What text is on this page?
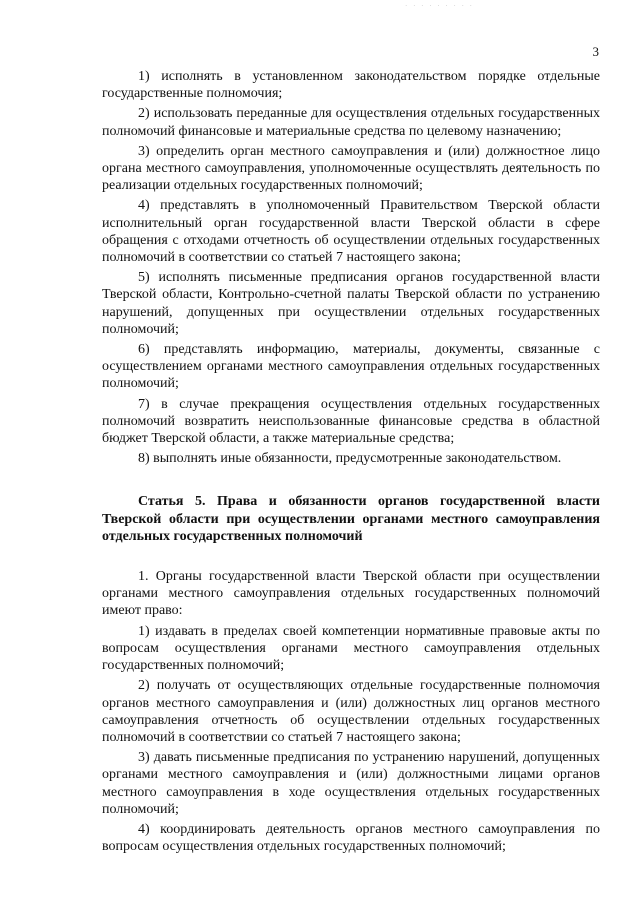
· · · · · · · · ·
3

1) исполнять в установленном законодательством порядке отдельные государственные полномочия;

2) использовать переданные для осуществления отдельных государственных полномочий финансовые и материальные средства по целевому назначению;

3) определить орган местного самоуправления и (или) должностное лицо органа местного самоуправления, уполномоченные осуществлять деятельность по реализации отдельных государственных полномочий;

4) представлять в уполномоченный Правительством Тверской области исполнительный орган государственной власти Тверской области в сфере обращения с отходами отчетность об осуществлении отдельных государственных полномочий в соответствии со статьей 7 настоящего закона;

5) исполнять письменные предписания органов государственной власти Тверской области, Контрольно-счетной палаты Тверской области по устранению нарушений, допущенных при осуществлении отдельных государственных полномочий;

6) представлять информацию, материалы, документы, связанные с осуществлением органами местного самоуправления отдельных государственных полномочий;

7) в случае прекращения осуществления отдельных государственных полномочий возвратить неиспользованные финансовые средства в областной бюджет Тверской области, а также материальные средства;

8) выполнять иные обязанности, предусмотренные законодательством.

Статья 5. Права и обязанности органов государственной власти Тверской области при осуществлении органами местного самоуправления отдельных государственных полномочий

1. Органы государственной власти Тверской области при осуществлении органами местного самоуправления отдельных государственных полномочий имеют право:

1) издавать в пределах своей компетенции нормативные правовые акты по вопросам осуществления органами местного самоуправления отдельных государственных полномочий;

2) получать от осуществляющих отдельные государственные полномочия органов местного самоуправления и (или) должностных лиц органов местного самоуправления отчетность об осуществлении отдельных государственных полномочий в соответствии со статьей 7 настоящего закона;

3) давать письменные предписания по устранению нарушений, допущенных органами местного самоуправления и (или) должностными лицами органов местного самоуправления в ходе осуществления отдельных государственных полномочий;

4) координировать деятельность органов местного самоуправления по вопросам осуществления отдельных государственных полномочий;
